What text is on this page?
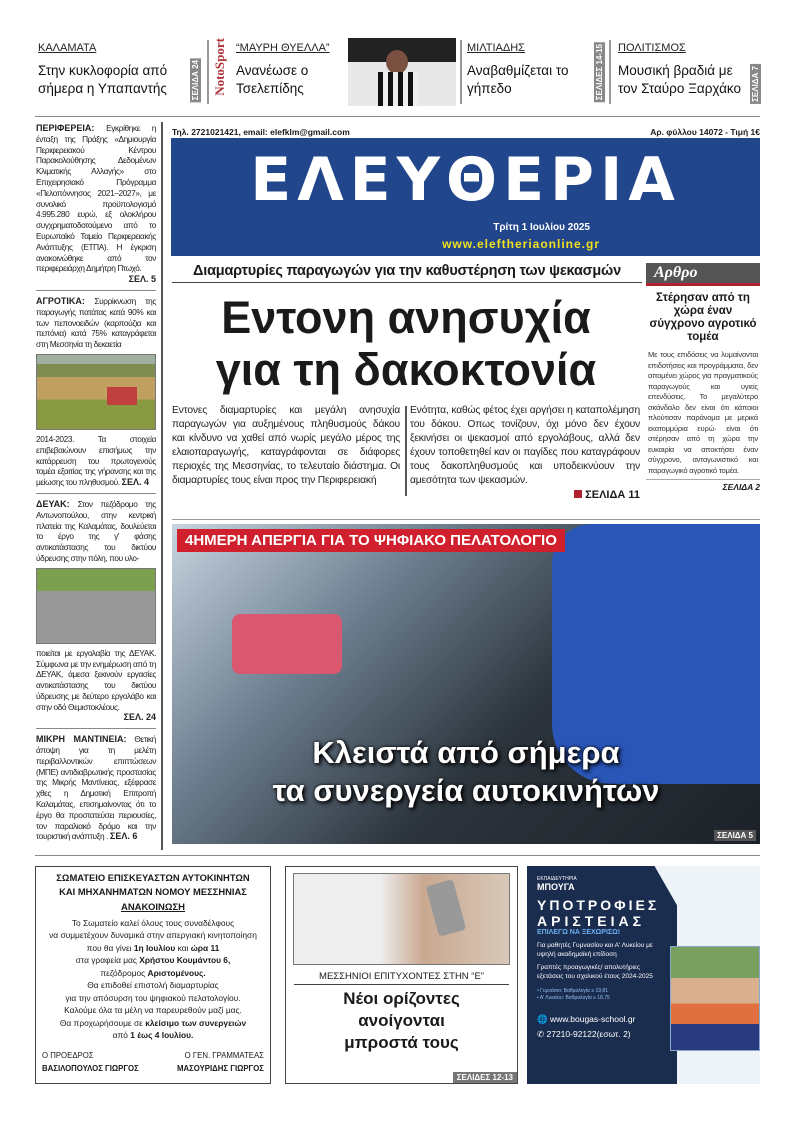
ΚΑΛΑΜΑΤΑ
Στην κυκλοφορία από σήμερα η Υπαπαντής	ΣΕΛΙΔΑ 24 NotoSport “ΜΑΥΡΗ ΘΥΕΛΛΑ”
Ανανέωσε ο Τσελεπίδης
ΜΙΛΤΙΑΔΗΣ
Αναβαθμίζεται το γήπεδο	ΣΕΛΙΔΕΣ 14-15 ΠΟΛΙΤΙΣΜΟΣ
Μουσική βραδιά με τον Σταύρο Ξαρχάκο	ΣΕΛΙΔΑ 7

ΠΕΡΙΦΕΡΕΙΑ: Εγκρίθηκε η ένταξη της Πράξης «Δημιουργία Περιφερειακού Κέντρου Παρακολούθησης Δεδομένων Κλιματικής Αλλαγής» στο Επιχειρησιακό Πρόγραμμα «Πελοπόννησος 2021–2027», με συνολικό προϋπολογισμό 4.995.280 ευρώ, εξ ολοκλήρου συγχρηματοδοτούμενο από το Ευρωπαϊκό Ταμείο Περιφερειακής Ανάπτυξης (ΕΤΠΑ). Η έγκριση ανακοινώθηκε από τον περιφερειάρχη Δημήτρη Πτωχό.
ΣΕΛ. 5

ΑΓΡΟΤΙΚΑ: Συρρίκνωση της παραγωγής πατάτας κατά 90% και των πεπονοειδών (καρπούζια και πεπόνια) κατά 75% καταγράφεται στη Μεσσηνία τη δεκαετία

2014-2023. Τα στοιχεία επιβεβαιώνουν επισήμως την κατάρρευση του πρωτογενούς τομέα εξαιτίας της γήρανσης και της μείωσης του πληθυσμού. ΣΕΛ. 4

ΔΕΥΑΚ: Στον πεζόδρομο της Αντωνοπούλου, στην κεντρική πλατεία της Καλαμάτας, δουλεύεται το έργο της γ' φάσης αντικατάστασης του δικτύου ύδρευσης στην πόλη, που υλο-

ποιείται με εργολαβία της ΔΕΥΑΚ. Σύμφωνα με την ενημέρωση από τη ΔΕΥΑΚ, άμεσα ξεκινούν εργασίες αντικατάστασης του δικτύου ύδρευσης με δεύτερο εργολάβο και στην οδό Θεμιστοκλέους.
ΣΕΛ. 24

ΜΙΚΡΗ ΜΑΝΤΙΝΕΙΑ: Θετική άποψη για τη μελέτη περιβαλλοντικών επιπτώσεων (ΜΠΕ) αντιδιαβρωτικής προστασίας της Μικρής Μαντίνειας, εξέφρασε χθες η Δημοτική Επιτροπή Καλαμάτας, επισημαίνοντας ότι το έργο θα προστατεύσει περιουσίες, τον παραλιακό δρόμο και την τουριστική ανάπτυξη . ΣΕΛ. 6

Τηλ. 2721021421, email: elefklm@gmail.com	Αρ. φύλλου 14072 - Τιμή 1€
ΕΛΕΥΘΕΡΙΑ
Τρίτη 1 Ιουλίου 2025
www.eleftheriaonline.gr
Διαμαρτυρίες παραγωγών για την καθυστέρηση των ψεκασμών
Εντονη ανησυχία
για τη δακοκτονία

Εντονες διαμαρτυρίες και μεγάλη ανησυχία παραγωγών για αυξημένους πληθυσμούς δάκου και κίνδυνο να χαθεί από νωρίς μεγάλο μέρος της ελαιοπαραγωγής, καταγράφονται σε διάφορες περιοχές της Μεσσηνίας, το τελευταίο διάστημα. Οι διαμαρτυρίες τους είναι προς την Περιφερειακή

Ενότητα, καθώς φέτος έχει αργήσει η καταπολέμηση του δάκου. Οπως τονίζουν, όχι μόνο δεν έχουν ξεκινήσει οι ψεκασμοί από εργολάβους, αλλά δεν έχουν τοποθετηθεί καν οι παγίδες που καταγράφουν τους δακοπληθυσμούς και υποδεικνύουν την αμεσότητα των ψεκασμών.

ΣΕΛΙΔΑ 11
Αρθρο
Στέρησαν από τη χώρα έναν σύγχρονο αγροτικό τομέα

Με τους επιδόσεις να λυμαίνονται επιδοτήσεις και προγράμματα, δεν απομένει χώρος για πραγματικούς παραγωγούς και υγιείς επενδύσεις. Το μεγαλύτερο σκάνδαλο δεν είναι ότι κάποιοι πλούτισαν παράνομα με μερικά εκατομμύρια ευρώ· είναι ότι στέρησαν από τη χώρα την ευκαιρία να αποκτήσει έναν σύγχρονο, ανταγωνιστικό και παραγωγικό αγροτικό τομέα.

ΣΕΛΙΔΑ 2
4ΗΜΕΡΗ ΑΠΕΡΓΙΑ ΓΙΑ ΤΟ ΨΗΦΙΑΚΟ ΠΕΛΑΤΟΛΟΓΙΟ
Κλειστά από σήμερα
τα συνεργεία αυτοκινήτων
ΣΕΛΙΔΑ 5
ΣΩΜΑΤΕΙΟ ΕΠΙΣΚΕΥΑΣΤΩΝ ΑΥΤΟΚΙΝΗΤΩΝ
ΚΑΙ ΜΗΧΑΝΗΜΑΤΩΝ ΝΟΜΟΥ ΜΕΣΣΗΝΙΑΣ
ΑΝΑΚΟΙΝΩΣΗ
Το Σωματείο καλεί όλους τους συναδέλφους
να συμμετέχουν δυναμικά στην απεργιακή κινητοποίηση
που θα γίνει 1η Ιουλίου και ώρα 11
στα γραφεία μας Χρήστου Κουμάντου 6,
πεζόδρομος Αριστομένους.
Θα επιδοθεί επιστολή διαμαρτυρίας
για την απόσυρση του ψηφιακού πελατολογίου.
Καλούμε όλα τα μέλη να παρευρεθούν μαζί μας.
Θα προχωρήσουμε σε κλείσιμο των συνεργειών
από 1 έως 4 Ιουλίου.
Ο ΠΡΟΕΔΡΟΣ
ΒΑΣΙΛΟΠΟΥΛΟΣ ΓΙΩΡΓΟΣ
Ο ΓΕΝ. ΓΡΑΜΜΑΤΕΑΣ
ΜΑΣΟΥΡΙΔΗΣ ΓΙΩΡΓΟΣ
ΜΕΣΣΗΝΙΟΙ ΕΠΙΤΥΧΟΝΤΕΣ ΣΤΗΝ “Ε”
Νέοι ορίζοντες
ανοίγονται
μπροστά τους
ΣΕΛΙΔΕΣ 12-13
ΕΚΠΑΙΔΕΥΤΗΡΙΑ
ΜΠΟΥΓΑ
ΥΠΟΤΡΟΦΙΕΣ
ΑΡΙΣΤΕΙΑΣ
ΕΠΙΛΕΓΩ ΝΑ ΞΕΧΩΡΙΣΩ!
Για μαθητές Γυμνασίου και Α' Λυκείου με υψηλή ακαδημαϊκή επίδοση
Γραπτές προαγωγικές/ απολυτήριες εξετάσεις του σχολικού έτους 2024-2025
• Γυμνάσιο: Βαθμολογία ≥ 19,81
• Α' Λυκείου: Βαθμολογία ≥ 18,75
🌐 www.bougas-school.gr
✆ 27210-92122(εσωτ. 2)
